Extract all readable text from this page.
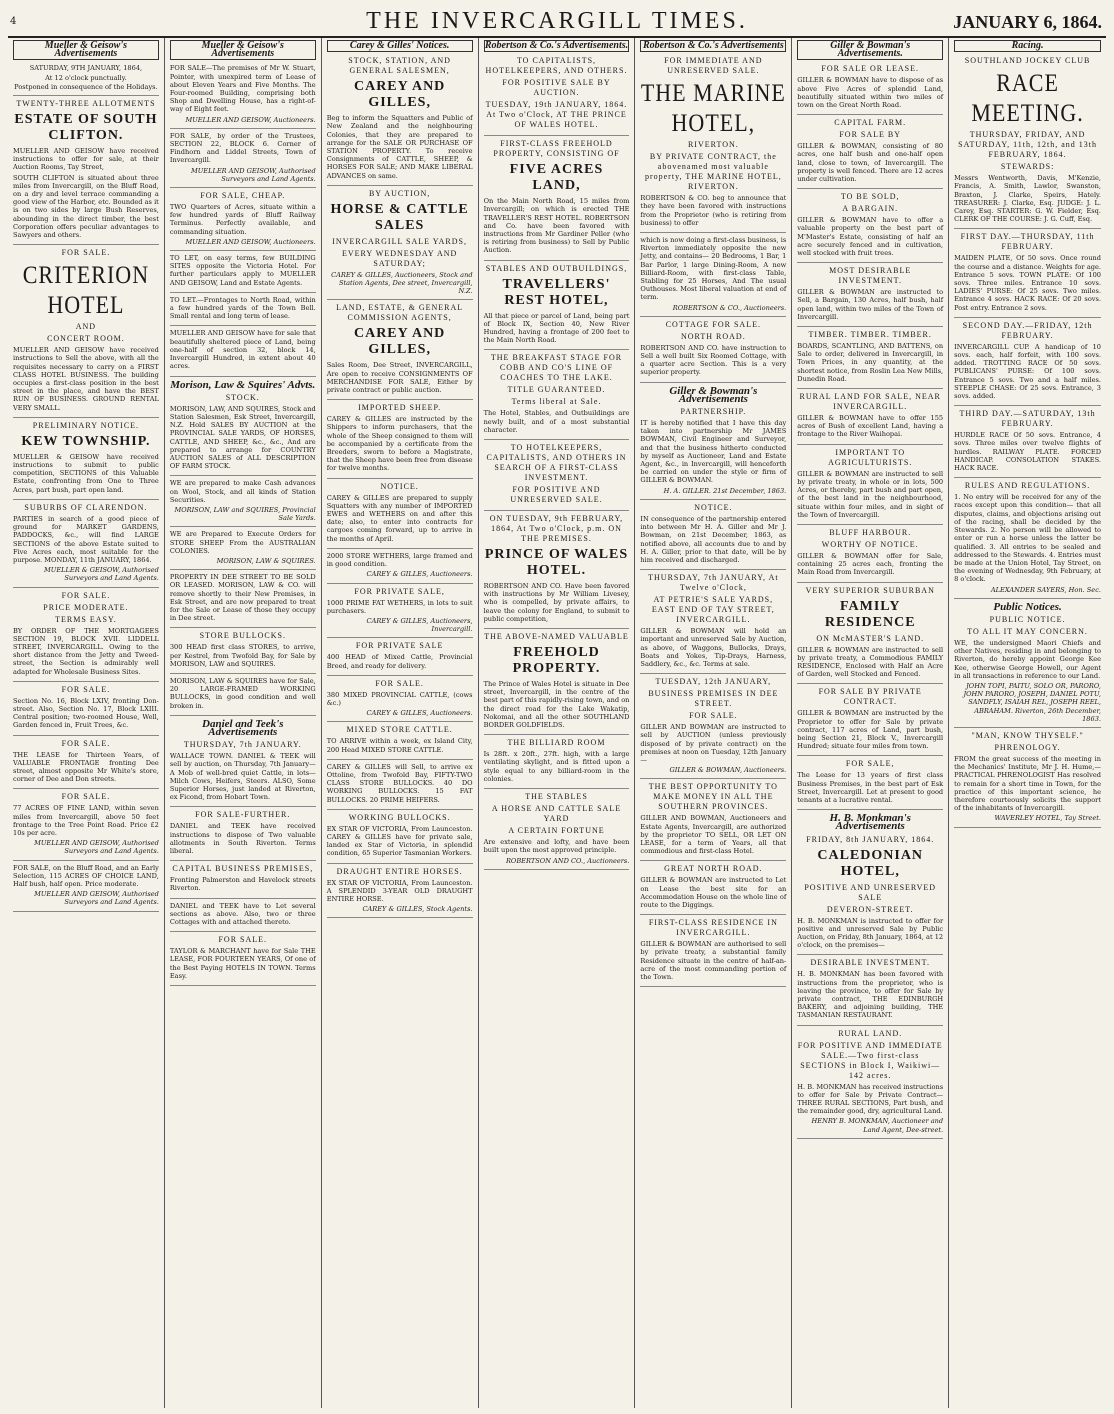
4	THE INVERCARGILL TIMES.	JANUARY 6, 1864.
Mueller & Geisow's Advertisements
SATURDAY, 9TH JANUARY, 1864,
At 12 o'clock punctually.
Postponed in consequence of the Holidays.
TWENTY-THREE ALLOTMENTS
ESTATE OF SOUTH CLIFTON.
MUELLER AND GEISOW have received instructions to offer for sale, at their Auction Rooms, Tay Street,
SOUTH CLIFTON is situated about three miles from Invercargill, on the Bluff Road, on a dry and level terrace commanding a good view of the Harbor, etc. Bounded as it is on two sides by large Bush Reserves, abounding in the direct timber, the best Corporation offers peculiar advantages to Sawyers and others.
FOR SALE.
CRITERION HOTEL
AND
CONCERT ROOM.
MUELLER AND GEISOW have received instructions to Sell the above, with all the requisites necessary to carry on a FIRST CLASS HOTEL BUSINESS. The building occupies a first-class position in the best street in the place, and have the BEST RUN OF BUSINESS. GROUND RENTAL VERY SMALL.
PRELIMINARY NOTICE.
KEW TOWNSHIP.
MUELLER & GEISOW have received instructions to submit to public competition, SECTIONS of this Valuable Estate, confronting from One to Three Acres, part bush, part open land.
SUBURBS OF CLARENDON.
PARTIES in search of a good piece of ground for MARKET GARDENS, PADDOCKS, &c., will find LARGE SECTIONS of the above Estate suited to Five Acres each, most suitable for the purpose. MONDAY, 11th JANUARY, 1864.
MUELLER & GEISOW, Authorised Surveyors and Land Agents.
FOR SALE.
PRICE MODERATE.
TERMS EASY.
BY ORDER OF THE MORTGAGEES SECTION 19, BLOCK XVII. LIDDELL STREET, INVERCARGILL. Owing to the short distance from the Jetty and Tweed-street, the Section is admirably well adapted for Wholesale Business Sites.
FOR SALE.
Section No. 16, Block LXIV, fronting Don-street. Also, Section No. 17, Block LXIII. Central position; two-roomed House, Well, Garden fenced in, Fruit Trees, &c.
FOR SALE.
THE LEASE for Thirteen Years, of VALUABLE FRONTAGE fronting Dee street, almost opposite Mr White's store, corner of Dee and Don streets.
FOR SALE.
77 ACRES OF FINE LAND, within seven miles from Invercargill, above 50 feet frontage to the Tree Point Road. Price £2 10s per acre.
MUELLER AND GEISOW, Authorised Surveyors and Land Agents.
FOR SALE, on the Bluff Road, and an Early Selection, 115 ACRES OF CHOICE LAND, Half bush, half open. Price moderate.
MUELLER AND GEISOW, Authorised Surveyors and Land Agents.
Mueller & Geisow's Advertisements
FOR SALE—The premises of Mr W. Stuart, Pointer, with unexpired term of Lease of about Eleven Years and Five Months. The Four-roomed Building, comprising both Shop and Dwelling House, has a right-of-way of Eight feet.
MUELLER AND GEISOW, Auctioneers.
FOR SALE, by order of the Trustees, SECTION 22, BLOCK 6. Corner of Findhorn and Liddel Streets, Town of Invercargill.
MUELLER AND GEISOW, Authorised Surveyors and Land Agents.
FOR SALE, CHEAP.
TWO Quarters of Acres, situate within a few hundred yards of Bluff Railway Terminus. Perfectly available, and commanding situation.
MUELLER AND GEISOW, Auctioneers.
TO LET, on easy terms, few BUILDING SITES opposite the Victoria Hotel. For further particulars apply to MUELLER AND GEISOW, Land and Estate Agents.
TO LET.—Frontages to North Road, within a few hundred yards of the Town Bell. Small rental and long term of lease.
MUELLER AND GEISOW have for sale that beautifully sheltered piece of Land, being one-half of section 32, block 14, Invercargill Hundred, in extent about 40 acres.
Morison, Law & Squires' Advts.
STOCK.
MORISON, LAW, AND SQUIRES, Stock and Station Salesmen, Esk Street, Invercargill, N.Z. Hold SALES BY AUCTION at the PROVINCIAL SALE YARDS, OF HORSES, CATTLE, AND SHEEP, &c., &c., And are prepared to arrange for COUNTRY AUCTION SALES of ALL DESCRIPTION OF FARM STOCK.
WE are prepared to make Cash advances on Wool, Stock, and all kinds of Station Securities.
MORISON, LAW and SQUIRES, Provincial Sale Yards.
WE are Prepared to Execute Orders for STORE SHEEP From the AUSTRALIAN COLONIES.
MORISON, LAW & SQUIRES.
PROPERTY IN DEE STREET TO BE SOLD OR LEASED. MORISON, LAW & CO. will remove shortly to their New Premises, in Esk Street, and are now prepared to treat for the Sale or Lease of those they occupy in Dee street.
STORE BULLOCKS.
300 HEAD first class STORES, to arrive, per Kestrel, from Twofold Bay, for Sale by MORISON, LAW and SQUIRES.
MORISON, LAW & SQUIRES have for Sale, 20 LARGE-FRAMED WORKING BULLOCKS, in good condition and well broken in.
Daniel and Teek's Advertisements
THURSDAY, 7th JANUARY.
WALLACE TOWN. DANIEL & TEEK will sell by auction, on Thursday, 7th January— A Mob of well-bred quiet Cattle, in lots— Milch Cows, Heifers, Steers. ALSO, Some Superior Horses, just landed at Riverton, ex Ficond, from Hobart Town.
FOR SALE-FURTHER.
DANIEL and TEEK have received instructions to dispose of Two valuable allotments in South Riverton. Terms liberal.
CAPITAL BUSINESS PREMISES,
Fronting Palmerston and Havelock streets Riverton.
DANIEL and TEEK have to Let several sections as above. Also, two or three Cottages with and attached thereto.
FOR SALE.
TAYLOR & MARCHANT have for Sale THE LEASE, FOR FOURTEEN YEARS, Of one of the Best Paying HOTELS IN TOWN. Terms Easy.
Carey & Gilles' Notices.
STOCK, STATION, AND GENERAL SALESMEN,
CAREY AND GILLES,
Beg to inform the Squatters and Public of New Zealand and the neighbouring Colonies, that they are prepared to arrange for the SALE OR PURCHASE OF STATION PROPERTY. To receive Consignments of CATTLE, SHEEP, & HORSES FOR SALE; AND MAKE LIBERAL ADVANCES on same.
BY AUCTION,
HORSE & CATTLE SALES
INVERCARGILL SALE YARDS,
EVERY WEDNESDAY AND SATURDAY;
CAREY & GILLES, Auctioneers, Stock and Station Agents, Dee street, Invercargill, N.Z.
LAND, ESTATE, & GENERAL COMMISSION AGENTS,
CAREY AND GILLES,
Sales Room, Dee Street, INVERCARGILL, Are open to receive CONSIGNMENTS OF MERCHANDISE FOR SALE, Either by private contract or public auction.
IMPORTED SHEEP.
CAREY & GILLES are instructed by the Shippers to inform purchasers, that the whole of the Sheep consigned to them will be accompanied by a certificate from the Breeders, sworn to before a Magistrate, that the Sheep have been free from disease for twelve months.
NOTICE.
CAREY & GILLES are prepared to supply Squatters with any number of IMPORTED EWES and WETHERS on and after this date; also, to enter into contracts for cargoes coming forward, up to arrive in the months of April.
2000 STORE WETHERS, large framed and in good condition.
CAREY & GILLES, Auctioneers.
FOR PRIVATE SALE,
1000 PRIME FAT WETHERS, in lots to suit purchasers.
CAREY & GILLES, Auctioneers, Invercargill.
FOR PRIVATE SALE
400 HEAD of Mixed Cattle, Provincial Breed, and ready for delivery.
FOR SALE.
380 MIXED PROVINCIAL CATTLE, (cows &c.)
CAREY & GILLES, Auctioneers.
MIXED STORE CATTLE.
TO ARRIVE within a week, ex Island City, 200 Head MIXED STORE CATTLE.
CAREY & GILLES will Sell, to arrive ex Ottoline, from Twofold Bay, FIFTY-TWO CLASS STORE BULLOCKS. 40 DO WORKING BULLOCKS. 15 FAT BULLOCKS. 20 PRIME HEIFERS.
WORKING BULLOCKS.
EX STAR OF VICTORIA, From Launceston. CAREY & GILLES have for private sale, landed ex Star of Victoria, in splendid condition, 65 Superior Tasmanian Workers.
DRAUGHT ENTIRE HORSES.
EX STAR OF VICTORIA, From Launceston. A SPLENDID 3-YEAR OLD DRAUGHT ENTIRE HORSE.
CAREY & GILLES, Stock Agents.
Robertson & Co.'s Advertisements.
TO CAPITALISTS, HOTELKEEPERS, AND OTHERS.
FOR POSITIVE SALE BY AUCTION.
TUESDAY, 19th JANUARY, 1864. At Two o'Clock, AT THE PRINCE OF WALES HOTEL.
FIRST-CLASS FREEHOLD PROPERTY, CONSISTING OF
FIVE ACRES LAND,
On the Main North Road, 15 miles from Invercargill; on which is erected THE TRAVELLER'S REST HOTEL. ROBERTSON and Co. have been favored with instructions from Mr Gardiner Peller (who is retiring from business) to Sell by Public Auction.
STABLES AND OUTBUILDINGS,
TRAVELLERS' REST HOTEL,
All that piece or parcel of Land, being part of Block IX, Section 40, New River Hundred, having a frontage of 200 feet to the Main North Road.
THE BREAKFAST STAGE FOR COBB AND CO'S LINE OF COACHES TO THE LAKE.
TITLE GUARANTEED.
Terms liberal at Sale.
The Hotel, Stables, and Outbuildings are newly built, and of a most substantial character.
TO HOTELKEEPERS, CAPITALISTS, AND OTHERS IN SEARCH OF A FIRST-CLASS INVESTMENT.
FOR POSITIVE AND UNRESERVED SALE.
ON TUESDAY, 9th FEBRUARY, 1864, At Two o'Clock, p.m. ON THE PREMISES.
PRINCE OF WALES HOTEL.
ROBERTSON AND CO. Have been favored with instructions by Mr William Livesey, who is compelled, by private affairs, to leave the colony for England, to submit to public competition,
THE ABOVE-NAMED VALUABLE
FREEHOLD PROPERTY.
The Prince of Wales Hotel is situate in Dee street, Invercargill, in the centre of the best part of this rapidly-rising town, and on the direct road for the Lake Wakatip, Nokomai, and all the other SOUTHLAND BORDER GOLDFIELDS.
THE BILLIARD ROOM
Is 28ft. x 20ft., 27ft. high, with a large ventilating skylight, and is fitted upon a style equal to any billiard-room in the colonies.
THE STABLES
A HORSE AND CATTLE SALE YARD
A CERTAIN FORTUNE
Are extensive and lofty, and have been built upon the most approved principle.
ROBERTSON AND CO., Auctioneers.
Robertson & Co.'s Advertisements
FOR IMMEDIATE AND UNRESERVED SALE.
THE MARINE HOTEL,
RIVERTON.
BY PRIVATE CONTRACT, the abovenamed most valuable property, THE MARINE HOTEL, RIVERTON.
ROBERTSON & CO. beg to announce that they have been favored with instructions from the Proprietor (who is retiring from business) to offer
which is now doing a first-class business, is Riverton immediately opposite the new Jetty, and contains— 20 Bedrooms, 1 Bar, 1 Bar Parlor, 1 large Dining-Room, A new Billiard-Room, with first-class Table, Stabling for 25 Horses, And The usual Outhouses. Most liberal valuation at end of term.
ROBERTSON & CO., Auctioneers.
COTTAGE FOR SALE.
NORTH ROAD.
ROBERTSON AND CO. have instruction to Sell a well built Six Roomed Cottage, with a quarter acre Section. This is a very superior property.
Giller & Bowman's Advertisements
PARTNERSHIP.
IT is hereby notified that I have this day taken into partnership Mr JAMES BOWMAN, Civil Engineer and Surveyor, and that the business hitherto conducted by myself as Auctioneer, Land and Estate Agent, &c., in Invercargill, will henceforth be carried on under the style or firm of GILLER & BOWMAN.
H. A. GILLER. 21st December, 1863.
NOTICE.
IN consequence of the partnership entered into between Mr H. A. Giller and Mr J. Bowman, on 21st December, 1863, as notified above, all accounts due to and by H. A. Giller, prior to that date, will be by him received and discharged.
THURSDAY, 7th JANUARY, At Twelve o'Clock,
AT PETRIE'S SALE YARDS, EAST END OF TAY STREET, INVERCARGILL.
GILLER & BOWMAN will hold an important and unreserved Sale by Auction, as above, of Waggons, Bullocks, Drays, Boats and Yokes, Tip-Drays, Harness, Saddlery, &c., &c. Terms at sale.
TUESDAY, 12th JANUARY,
BUSINESS PREMISES IN DEE STREET.
FOR SALE.
GILLER AND BOWMAN are instructed to sell by AUCTION (unless previously disposed of by private contract) on the premises at noon on Tuesday, 12th January—
GILLER & BOWMAN, Auctioneers.
THE BEST OPPORTUNITY TO MAKE MONEY IN ALL THE SOUTHERN PROVINCES.
GILLER AND BOWMAN, Auctioneers and Estate Agents, Invercargill, are authorized by the proprietor TO SELL, OR LET ON LEASE, for a term of Years, all that commodious and first-class Hotel.
GREAT NORTH ROAD.
GILLER & BOWMAN are instructed to Let on Lease the best site for an Accommodation House on the whole line of route to the Diggings.
FIRST-CLASS RESIDENCE IN INVERCARGILL.
GILLER & BOWMAN are authorised to sell by private treaty, a substantial family Residence situate in the centre of half-an-acre of the most commanding portion of the Town.
Giller & Bowman's Advertisements.
FOR SALE OR LEASE.
GILLER & BOWMAN have to dispose of as above Five Acres of splendid Land, beautifully situated within two miles of town on the Great North Road.
CAPITAL FARM.
FOR SALE BY
GILLER & BOWMAN, consisting of 80 acres, one half bush and one-half open land, close to town, of Invercargill. The property is well fenced. There are 12 acres under cultivation.
TO BE SOLD,
A BARGAIN.
GILLER & BOWMAN have to offer a valuable property on the best part of M'Master's Estate, consisting of half an acre securely fenced and in cultivation, well stocked with fruit trees.
MOST DESIRABLE INVESTMENT.
GILLER & BOWMAN are instructed to Sell, a Bargain, 130 Acres, half bush, half open land, within two miles of the Town of Invercargill.
TIMBER. TIMBER. TIMBER.
BOARDS, SCANTLING, AND BATTENS, on Sale to order, delivered in Invercargill, in Town Prices, in any quantity, at the shortest notice, from Roslin Lea New Mills, Dunedin Road.
RURAL LAND FOR SALE, NEAR INVERCARGILL.
GILLER & BOWMAN have to offer 155 acres of Bush of excellent Land, having a frontage to the River Waihopai.
IMPORTANT TO AGRICULTURISTS.
GILLER & BOWMAN are instructed to sell by private treaty, in whole or in lots, 500 Acres, or thereby, part bush and part open, of the best land in the neighbourhood, situate within four miles, and in sight of the Town of Invercargill.
BLUFF HARBOUR.
WORTHY OF NOTICE.
GILLER & BOWMAN offer for Sale, containing 25 acres each, fronting the Main Road from Invercargill.
VERY SUPERIOR SUBURBAN
FAMILY RESIDENCE
ON McMASTER'S LAND.
GILLER & BOWMAN are instructed to sell by private treaty, a Commodious FAMILY RESIDENCE, Enclosed with Half an Acre of Garden, well Stocked and Fenced.
FOR SALE BY PRIVATE CONTRACT.
GILLER & BOWMAN are instructed by the Proprietor to offer for Sale by private contract, 117 acres of Land, part bush, being Section 21, Block V., Invercargill Hundred; situate four miles from town.
FOR SALE,
The Lease for 13 years of first class Business Premises, in the best part of Esk Street, Invercargill. Let at present to good tenants at a lucrative rental.
H. B. Monkman's Advertisements
FRIDAY, 8th JANUARY, 1864.
CALEDONIAN HOTEL,
POSITIVE AND UNRESERVED SALE
DEVERON-STREET.
H. B. MONKMAN is instructed to offer for positive and unreserved Sale by Public Auction, on Friday, 8th January, 1864, at 12 o'clock, on the premises—
DESIRABLE INVESTMENT.
H. B. MONKMAN has been favored with instructions from the proprietor, who is leaving the province, to offer for Sale by private contract, THE EDINBURGH BAKERY, and adjoining building, THE TASMANIAN RESTAURANT.
RURAL LAND.
FOR POSITIVE AND IMMEDIATE SALE.—Two first-class SECTIONS in Block I, Waikiwi—142 acres.
H. B. MONKMAN has received instructions to offer for Sale by Private Contract— THREE RURAL SECTIONS, Part bush, and the remainder good, dry, agricultural Land.
HENRY B. MONKMAN, Auctioneer and Land Agent, Dee-street.
Racing.
SOUTHLAND JOCKEY CLUB
RACE MEETING.
THURSDAY, FRIDAY, AND SATURDAY, 11th, 12th, and 13th FEBRUARY, 1864.
STEWARDS:
Messrs Wentworth, Davis, M'Kenzie, Francis, A. Smith, Lawlor, Swanston, Braxton, J. Clarke, Speirs, Hately. TREASURER: J. Clarke, Esq. JUDGE: J. L. Carey, Esq. STARTER: G. W. Fielder, Esq. CLERK OF THE COURSE: J. G. Cuff, Esq.
FIRST DAY.—THURSDAY, 11th FEBRUARY.
MAIDEN PLATE, Of 50 sovs. Once round the course and a distance. Weights for age. Entrance 5 sovs. TOWN PLATE: Of 100 sovs. Three miles. Entrance 10 sovs. LADIES' PURSE: Of 25 sovs. Two miles. Entrance 4 sovs. HACK RACE: Of 20 sovs. Post entry. Entrance 2 sovs.
SECOND DAY.—FRIDAY, 12th FEBRUARY.
INVERCARGILL CUP. A handicap of 10 sovs. each, half forfeit, with 100 sovs. added. TROTTING RACE Of 50 sovs. PUBLICANS' PURSE: Of 100 sovs. Entrance 5 sovs. Two and a half miles. STEEPLE CHASE: Of 25 sovs. Entrance, 3 sovs. added.
THIRD DAY.—SATURDAY, 13th FEBRUARY.
HURDLE RACE Of 50 sovs. Entrance, 4 sovs. Three miles over twelve flights of hurdles. RAILWAY PLATE. FORCED HANDICAP. CONSOLATION STAKES. HACK RACE.
RULES AND REGULATIONS.
1. No entry will be received for any of the races except upon this condition— that all disputes, claims, and objections arising out of the racing, shall be decided by the Stewards. 2. No person will be allowed to enter or run a horse unless the latter be qualified. 3. All entries to be sealed and addressed to the Stewards. 4. Entries must be made at the Union Hotel, Tay Street, on the evening of Wednesday, 9th February, at 8 o'clock.
ALEXANDER SAYERS, Hon. Sec.
Public Notices.
PUBLIC NOTICE.
TO ALL IT MAY CONCERN.
WE, the undersigned Maori Chiefs and other Natives, residing in and belonging to Riverton, do hereby appoint George Kee Kee, otherwise George Howell, our Agent in all transactions in reference to our Land.
JOHN TOPI, PAITU, SOLO OR, PARORO, JOHN PARORO, JOSEPH, DANIEL POTU, SANDFLY, ISAIAH REL, JOSEPH REEL, ABRAHAM. Riverton, 26th December, 1863.
"MAN, KNOW THYSELF."
PHRENOLOGY.
FROM the great success of the meeting in the Mechanics' Institute, Mr J. H. Hume,— PRACTICAL PHRENOLOGIST Has resolved to remain for a short time in Town, for the practice of this important science, he therefore courteously solicits the support of the inhabitants of Invercargill.
WAVERLEY HOTEL, Tay Street.
